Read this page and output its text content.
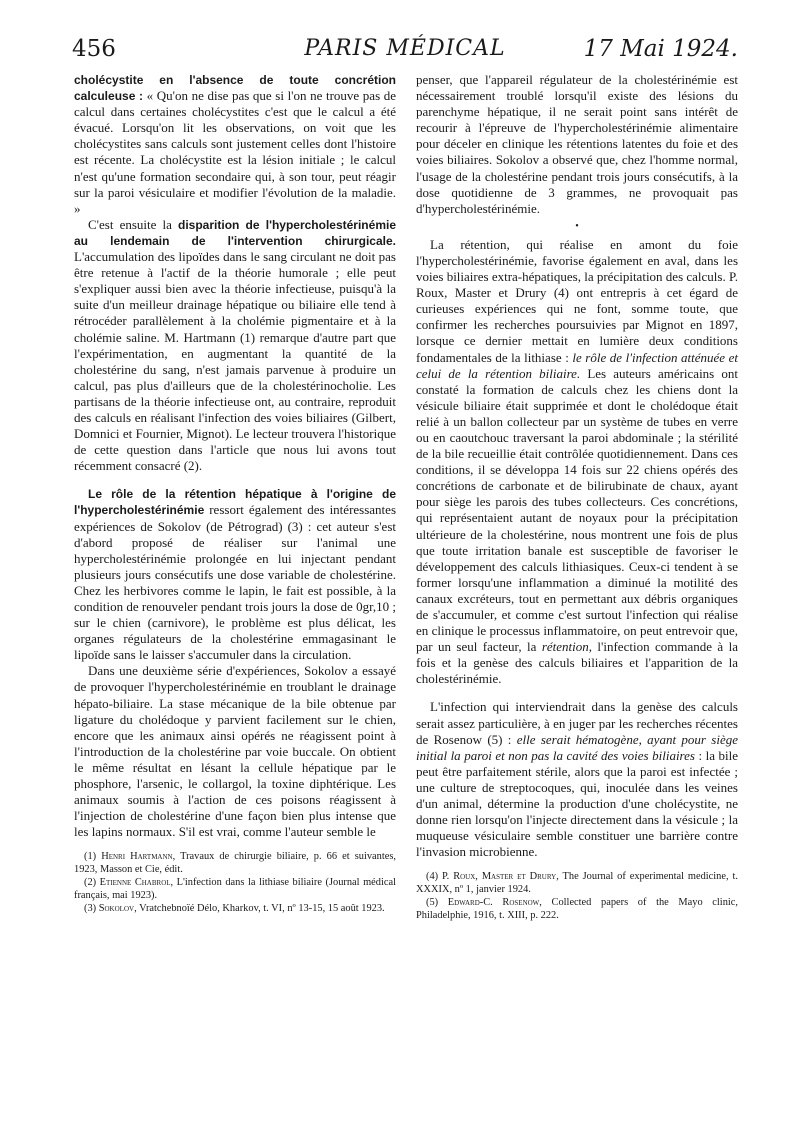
456	PARIS MÉDICAL	17 Mai 1924.

cholécystite en l'absence de toute concrétion calculeuse : « Qu'on ne dise pas que si l'on ne trouve pas de calcul dans certaines cholécystites c'est que le calcul a été évacué. Lorsqu'on lit les observations, on voit que les cholécystites sans calculs sont justement celles dont l'histoire est récente. La cholécystite est la lésion initiale ; le calcul n'est qu'une formation secondaire qui, à son tour, peut réagir sur la paroi vésiculaire et modifier l'évolution de la maladie. »

C'est ensuite la disparition de l'hypercholestérinémie au lendemain de l'intervention chirurgicale. L'accumulation des lipoïdes dans le sang circulant ne doit pas être retenue à l'actif de la théorie humorale ; elle peut s'expliquer aussi bien avec la théorie infectieuse, puisqu'à la suite d'un meilleur drainage hépatique ou biliaire elle tend à rétrocéder parallèlement à la cholémie pigmentaire et à la cholémie saline. M. Hartmann (1) remarque d'autre part que l'expérimentation, en augmentant la quantité de la cholestérine du sang, n'est jamais parvenue à produire un calcul, pas plus d'ailleurs que de la cholestérinocholie. Les partisans de la théorie infectieuse ont, au contraire, reproduit des calculs en réalisant l'infection des voies biliaires (Gilbert, Domnici et Fournier, Mignot). Le lecteur trouvera l'historique de cette question dans l'article que nous lui avons tout récemment consacré (2).

Le rôle de la rétention hépatique à l'origine de l'hypercholestérinémie ressort également des intéressantes expériences de Sokolov (de Pétrograd) (3) : cet auteur s'est d'abord proposé de réaliser sur l'animal une hypercholestérinémie prolongée en lui injectant pendant plusieurs jours consécutifs une dose variable de cholestérine. Chez les herbivores comme le lapin, le fait est possible, à la condition de renouveler pendant trois jours la dose de 0gr,10 ; sur le chien (carnivore), le problème est plus délicat, les organes régulateurs de la cholestérine emmagasinant le lipoïde sans le laisser s'accumuler dans la circulation.

Dans une deuxième série d'expériences, Sokolov a essayé de provoquer l'hypercholestérinémie en troublant le drainage hépato-biliaire. La stase mécanique de la bile obtenue par ligature du cholédoque y parvient facilement sur le chien, encore que les animaux ainsi opérés ne réagissent point à l'introduction de la cholestérine par voie buccale. On obtient le même résultat en lésant la cellule hépatique par le phosphore, l'arsenic, le collargol, la toxine diphtérique. Les animaux soumis à l'action de ces poisons réagissent à l'injection de cholestérine d'une façon bien plus intense que les lapins normaux. S'il est vrai, comme l'auteur semble le

(1) Henri Hartmann, Travaux de chirurgie biliaire, p. 66 et suivantes, 1923, Masson et Cie, édit.

(2) Etienne Chabrol, L'infection dans la lithiase biliaire (Journal médical français, mai 1923).

(3) Sokolov, Vratchebnoïé Délo, Kharkov, t. VI, nº 13-15, 15 août 1923.

penser, que l'appareil régulateur de la cholestérinémie est nécessairement troublé lorsqu'il existe des lésions du parenchyme hépatique, il ne serait point sans intérêt de recourir à l'épreuve de l'hypercholestérinémie alimentaire pour déceler en clinique les rétentions latentes du foie et des voies biliaires. Sokolov a observé que, chez l'homme normal, l'usage de la cholestérine pendant trois jours consécutifs, à la dose quotidienne de 3 grammes, ne provoquait pas d'hypercholestérinémie.

•

La rétention, qui réalise en amont du foie l'hypercholestérinémie, favorise également en aval, dans les voies biliaires extra-hépatiques, la précipitation des calculs. P. Roux, Master et Drury (4) ont entrepris à cet égard de curieuses expériences qui ne font, somme toute, que confirmer les recherches poursuivies par Mignot en 1897, lorsque ce dernier mettait en lumière deux conditions fondamentales de la lithiase : le rôle de l'infection atténuée et celui de la rétention biliaire. Les auteurs américains ont constaté la formation de calculs chez les chiens dont la vésicule biliaire était supprimée et dont le cholédoque était relié à un ballon collecteur par un système de tubes en verre ou en caoutchouc traversant la paroi abdominale ; la stérilité de la bile recueillie était contrôlée quotidiennement. Dans ces conditions, il se développa 14 fois sur 22 chiens opérés des concrétions de carbonate et de bilirubinate de chaux, ayant pour siège les parois des tubes collecteurs. Ces concrétions, qui représentaient autant de noyaux pour la précipitation ultérieure de la cholestérine, nous montrent une fois de plus que toute irritation banale est susceptible de favoriser le développement des calculs lithiasiques. Ceux-ci tendent à se former lorsqu'une inflammation a diminué la motilité des canaux excréteurs, tout en permettant aux débris organiques de s'accumuler, et comme c'est surtout l'infection qui réalise en clinique le processus inflammatoire, on peut entrevoir que, par un seul facteur, la rétention, l'infection commande à la fois et la genèse des calculs biliaires et l'apparition de la cholestérinémie.

L'infection qui interviendrait dans la genèse des calculs serait assez particulière, à en juger par les recherches récentes de Rosenow (5) : elle serait hématogène, ayant pour siège initial la paroi et non pas la cavité des voies biliaires : la bile peut être parfaitement stérile, alors que la paroi est infectée ; une culture de streptocoques, qui, inoculée dans les veines d'un animal, détermine la production d'une cholécystite, ne donne rien lorsqu'on l'injecte directement dans la vésicule ; la muqueuse vésiculaire semble constituer une barrière contre l'invasion microbienne.

(4) P. Roux, Master et Drury, The Journal of experimental medicine, t. XXXIX, nº 1, janvier 1924.

(5) Edward-C. Rosenow, Collected papers of the Mayo clinic, Philadelphie, 1916, t. XIII, p. 222.
